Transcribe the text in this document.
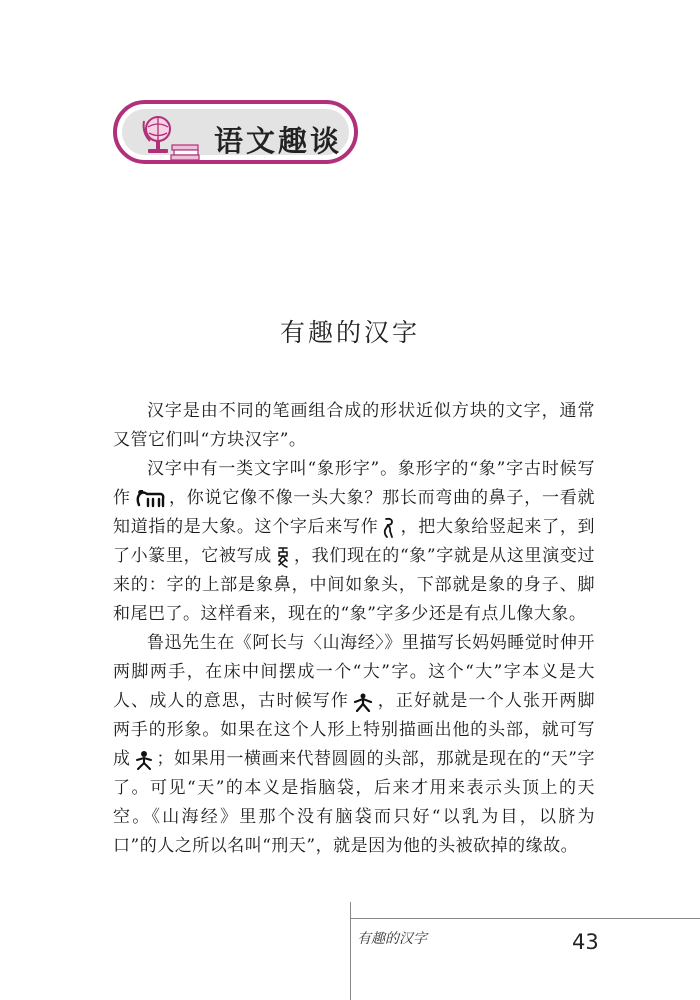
语文趣谈
有趣的汉字

汉字是由不同的笔画组合成的形状近似方块的文字，通常又管它们叫“方块汉字”。

汉字中有一类文字叫“象形字”。象形字的“象”字古时候写作 ，你说它像不像一头大象？那长而弯曲的鼻子，一看就知道指的是大象。这个字后来写作 ，把大象给竖起来了，到了小篆里，它被写成 ，我们现在的“象”字就是从这里演变过来的：字的上部是象鼻，中间如象头，下部就是象的身子、脚和尾巴了。这样看来，现在的“象”字多少还是有点儿像大象。

鲁迅先生在《阿长与〈山海经〉》里描写长妈妈睡觉时伸开两脚两手，在床中间摆成一个“大”字。这个“大”字本义是大人、成人的意思，古时候写作 ，正好就是一个人张开两脚两手的形象。如果在这个人形上特别描画出他的头部，就可写成 ；如果用一横画来代替圆圆的头部，那就是现在的“天”字了。可见“天”的本义是指脑袋，后来才用来表示头顶上的天空。《山海经》里那个没有脑袋而只好“以乳为目，以脐为口”的人之所以名叫“刑天”，就是因为他的头被砍掉的缘故。

有趣的汉字	43
